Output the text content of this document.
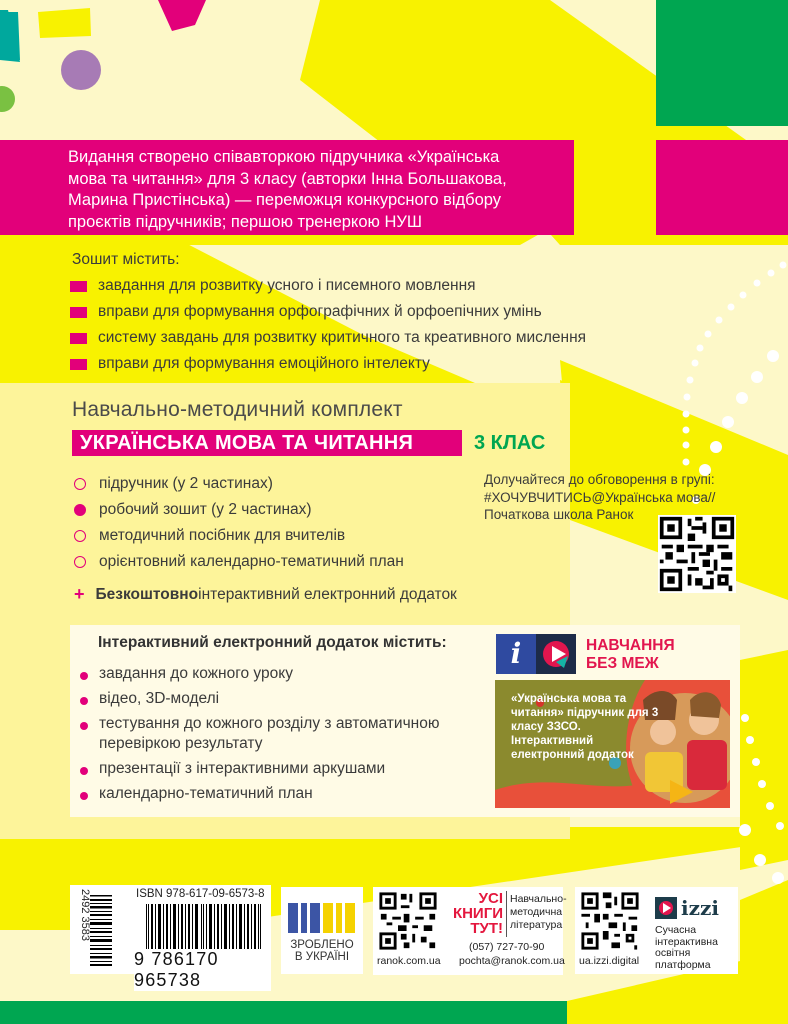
Видання створено співавторкою підручника «Українська
мова та читання» для 3 класу (авторки Інна Большакова,
Марина Пристінська) — переможця конкурсного відбору
проєктів підручників; першою тренеркою НУШ
Зошит містить:
завдання для розвитку усного і писемного мовлення
вправи для формування орфографічних й орфоепічних умінь
систему завдань для розвитку критичного та креативного мислення
вправи для формування емоційного інтелекту
Навчально-методичний комплект
УКРАЇНСЬКА МОВА ТА ЧИТАННЯ	3 КЛАС
підручник (у 2 частинах)
робочий зошит (у 2 частинах)
методичний посібник для вчителів
орієнтовний календарно-тематичний план
+ Безкоштовно інтерактивний електронний додаток
Долучайтеся до обговорення в групі:
#ХОЧУВЧИТИСЬ@Українська мова//
Початкова школа Ранок
Інтерактивний електронний додаток містить:
завдання до кожного уроку
відео, 3D-моделі
тестування до кожного розділу з автоматичною перевіркою результату
презентації з інтерактивними аркушами
календарно-тематичний план
i	НАВЧАННЯ
БЕЗ МЕЖ
«Українська мова та читання» підручник для 3 класу ЗЗСО. Інтерактивний електронний додаток
2492 3583	ISBN 978-617-09-6573-8
9 786170 965738
ЗРОБЛЕНО
В УКРАЇНІ	ranok.com.ua
УСІ
КНИГИ
ТУТ!
Навчально-
методична
література
(057) 727-70-90
pochta@ranok.com.ua ua.izzi.digital
izzi
Сучасна
інтерактивна
освітня
платформа
